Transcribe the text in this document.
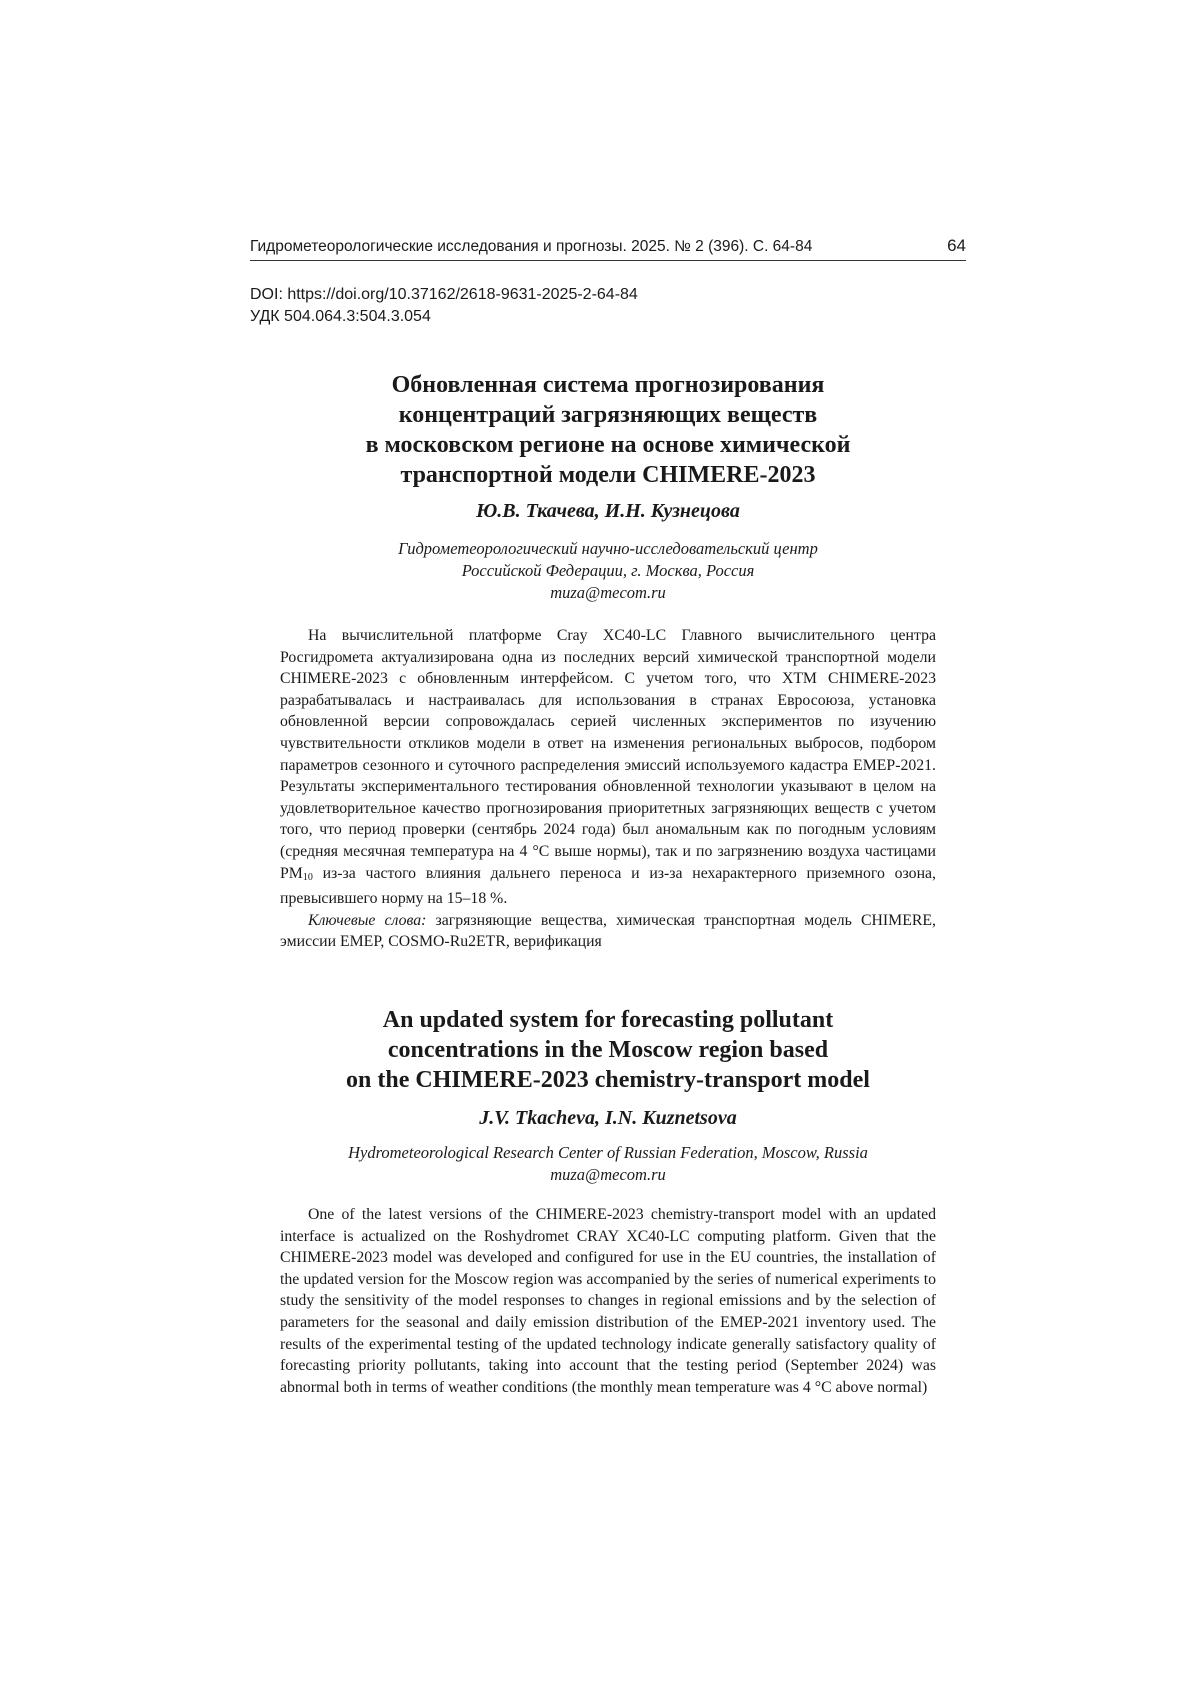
Гидрометеорологические исследования и прогнозы. 2025. № 2 (396). С. 64-84	64
DOI: https://doi.org/10.37162/2618-9631-2025-2-64-84
УДК 504.064.3:504.3.054
Обновленная система прогнозирования
концентраций загрязняющих веществ
в московском регионе на основе химической
транспортной модели CHIMERE-2023
Ю.В. Ткачева, И.Н. Кузнецова
Гидрометеорологический научно-исследовательский центр
Российской Федерации, г. Москва, Россия
muza@mecom.ru

На вычислительной платформе Cray XC40-LC Главного вычислительного центра Росгидромета актуализирована одна из последних версий химической транспортной модели CHIMERE-2023 с обновленным интерфейсом. С учетом того, что ХТМ CHIMERE-2023 разрабатывалась и настраивалась для использования в странах Евросоюза, установка обновленной версии сопровождалась серией численных экспериментов по изучению чувствительности откликов модели в ответ на изменения региональных выбросов, подбором параметров сезонного и суточного распределения эмиссий используемого кадастра EMEP-2021. Результаты экспериментального тестирования обновленной технологии указывают в целом на удовлетворительное качество прогнозирования приоритетных загрязняющих веществ с учетом того, что период проверки (сентябрь 2024 года) был аномальным как по погодным условиям (средняя месячная температура на 4 °С выше нормы), так и по загрязнению воздуха частицами $PM_{10}$ из-за частого влияния дальнего переноса и из-за нехарактерного приземного озона, превысившего норму на 15–18 %.

Ключевые слова: загрязняющие вещества, химическая транспортная модель CHIMERE, эмиссии EMEP, COSMO-Ru2ETR, верификация

An updated system for forecasting pollutant
concentrations in the Moscow region based
on the CHIMERE-2023 chemistry-transport model
J.V. Tkacheva, I.N. Kuznetsova
Hydrometeorological Research Center of Russian Federation, Moscow, Russia
muza@mecom.ru

One of the latest versions of the CHIMERE-2023 chemistry-transport model with an updated interface is actualized on the Roshydromet CRAY XC40-LC computing platform. Given that the CHIMERE-2023 model was developed and configured for use in the EU countries, the installation of the updated version for the Moscow region was accompanied by the series of numerical experiments to study the sensitivity of the model responses to changes in regional emissions and by the selection of parameters for the seasonal and daily emission distribution of the EMEP-2021 inventory used. The results of the experimental testing of the updated technology indicate generally satisfactory quality of forecasting priority pollutants, taking into account that the testing period (September 2024) was abnormal both in terms of weather conditions (the monthly mean temperature was 4 °C above normal)
